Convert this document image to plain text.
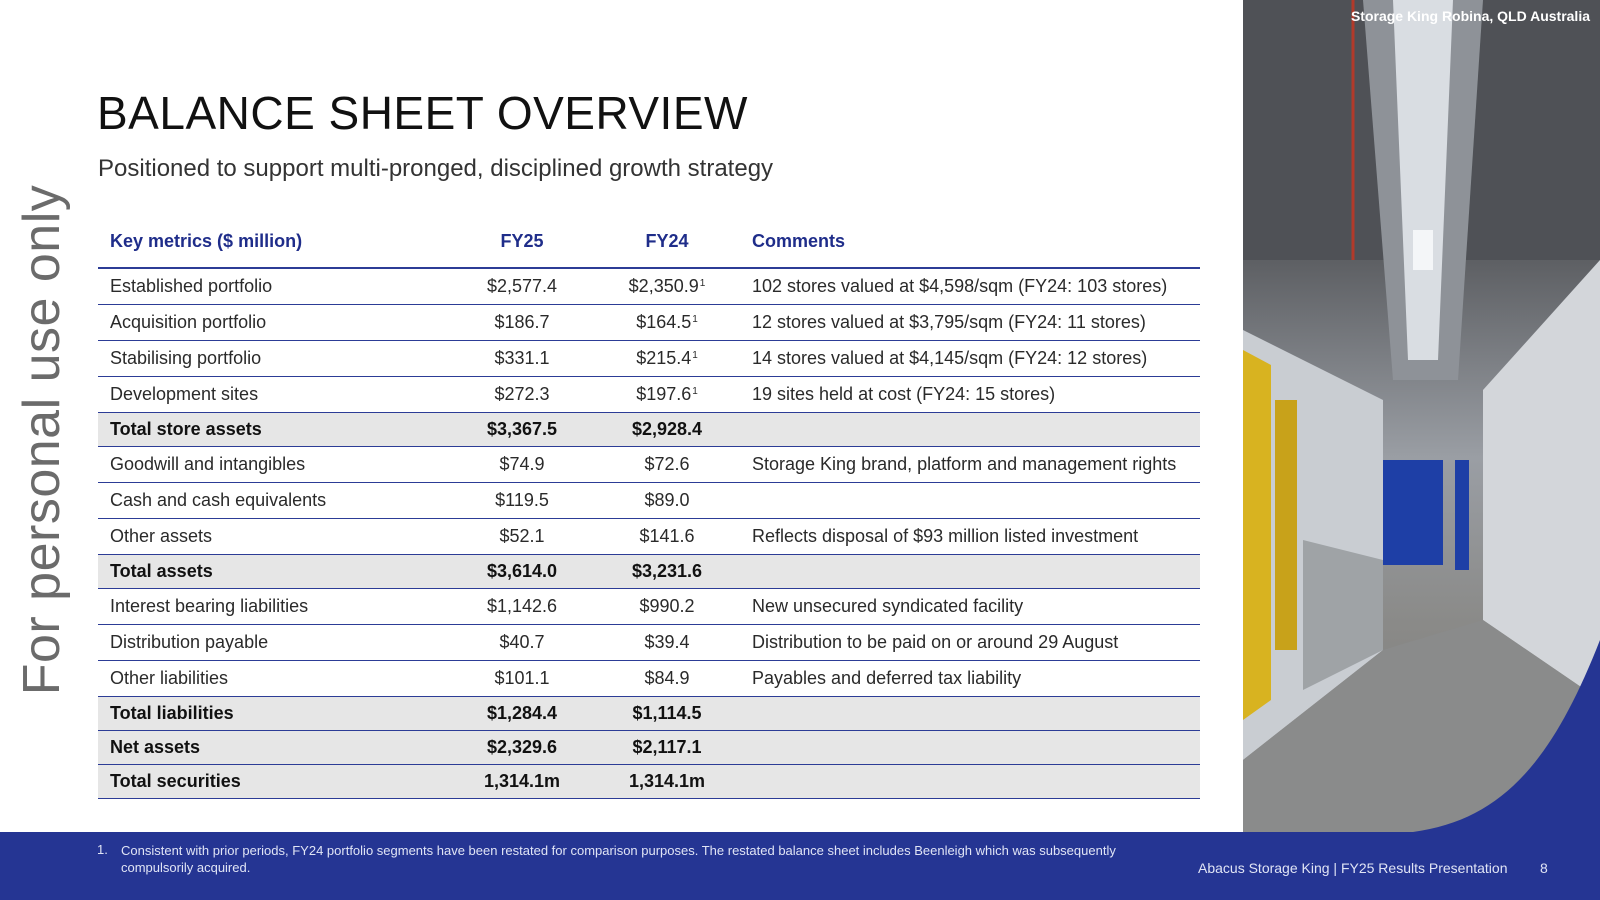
For personal use only
BALANCE SHEET OVERVIEW
Positioned to support multi-pronged, disciplined growth strategy
Key metrics ($ million)	FY25	FY24	Comments
Established portfolio	$2,577.4	$2,350.9$^1$	102 stores valued at $4,598/sqm (FY24: 103 stores)
Acquisition portfolio	$186.7	$164.5$^1$	12 stores valued at $3,795/sqm (FY24: 11 stores)
Stabilising portfolio	$331.1	$215.4$^1$	14 stores valued at $4,145/sqm (FY24: 12 stores)
Development sites	$272.3	$197.6$^1$	19 sites held at cost (FY24: 15 stores)
Total store assets	$3,367.5	$2,928.4	
Goodwill and intangibles	$74.9	$72.6	Storage King brand, platform and management rights
Cash and cash equivalents	$119.5	$89.0	
Other assets	$52.1	$141.6	Reflects disposal of $93 million listed investment
Total assets	$3,614.0	$3,231.6	
Interest bearing liabilities	$1,142.6	$990.2	New unsecured syndicated facility
Distribution payable	$40.7	$39.4	Distribution to be paid on or around 29 August
Other liabilities	$101.1	$84.9	Payables and deferred tax liability
Total liabilities	$1,284.4	$1,114.5	
Net assets	$2,329.6	$2,117.1	
Total securities	1,314.1m	1,314.1m	
Storage King Robina, QLD Australia
1. Consistent with prior periods, FY24 portfolio segments have been restated for comparison purposes. The restated balance sheet includes Beenleigh which was subsequently compulsorily acquired.	Abacus Storage King | FY25 Results Presentation 8
